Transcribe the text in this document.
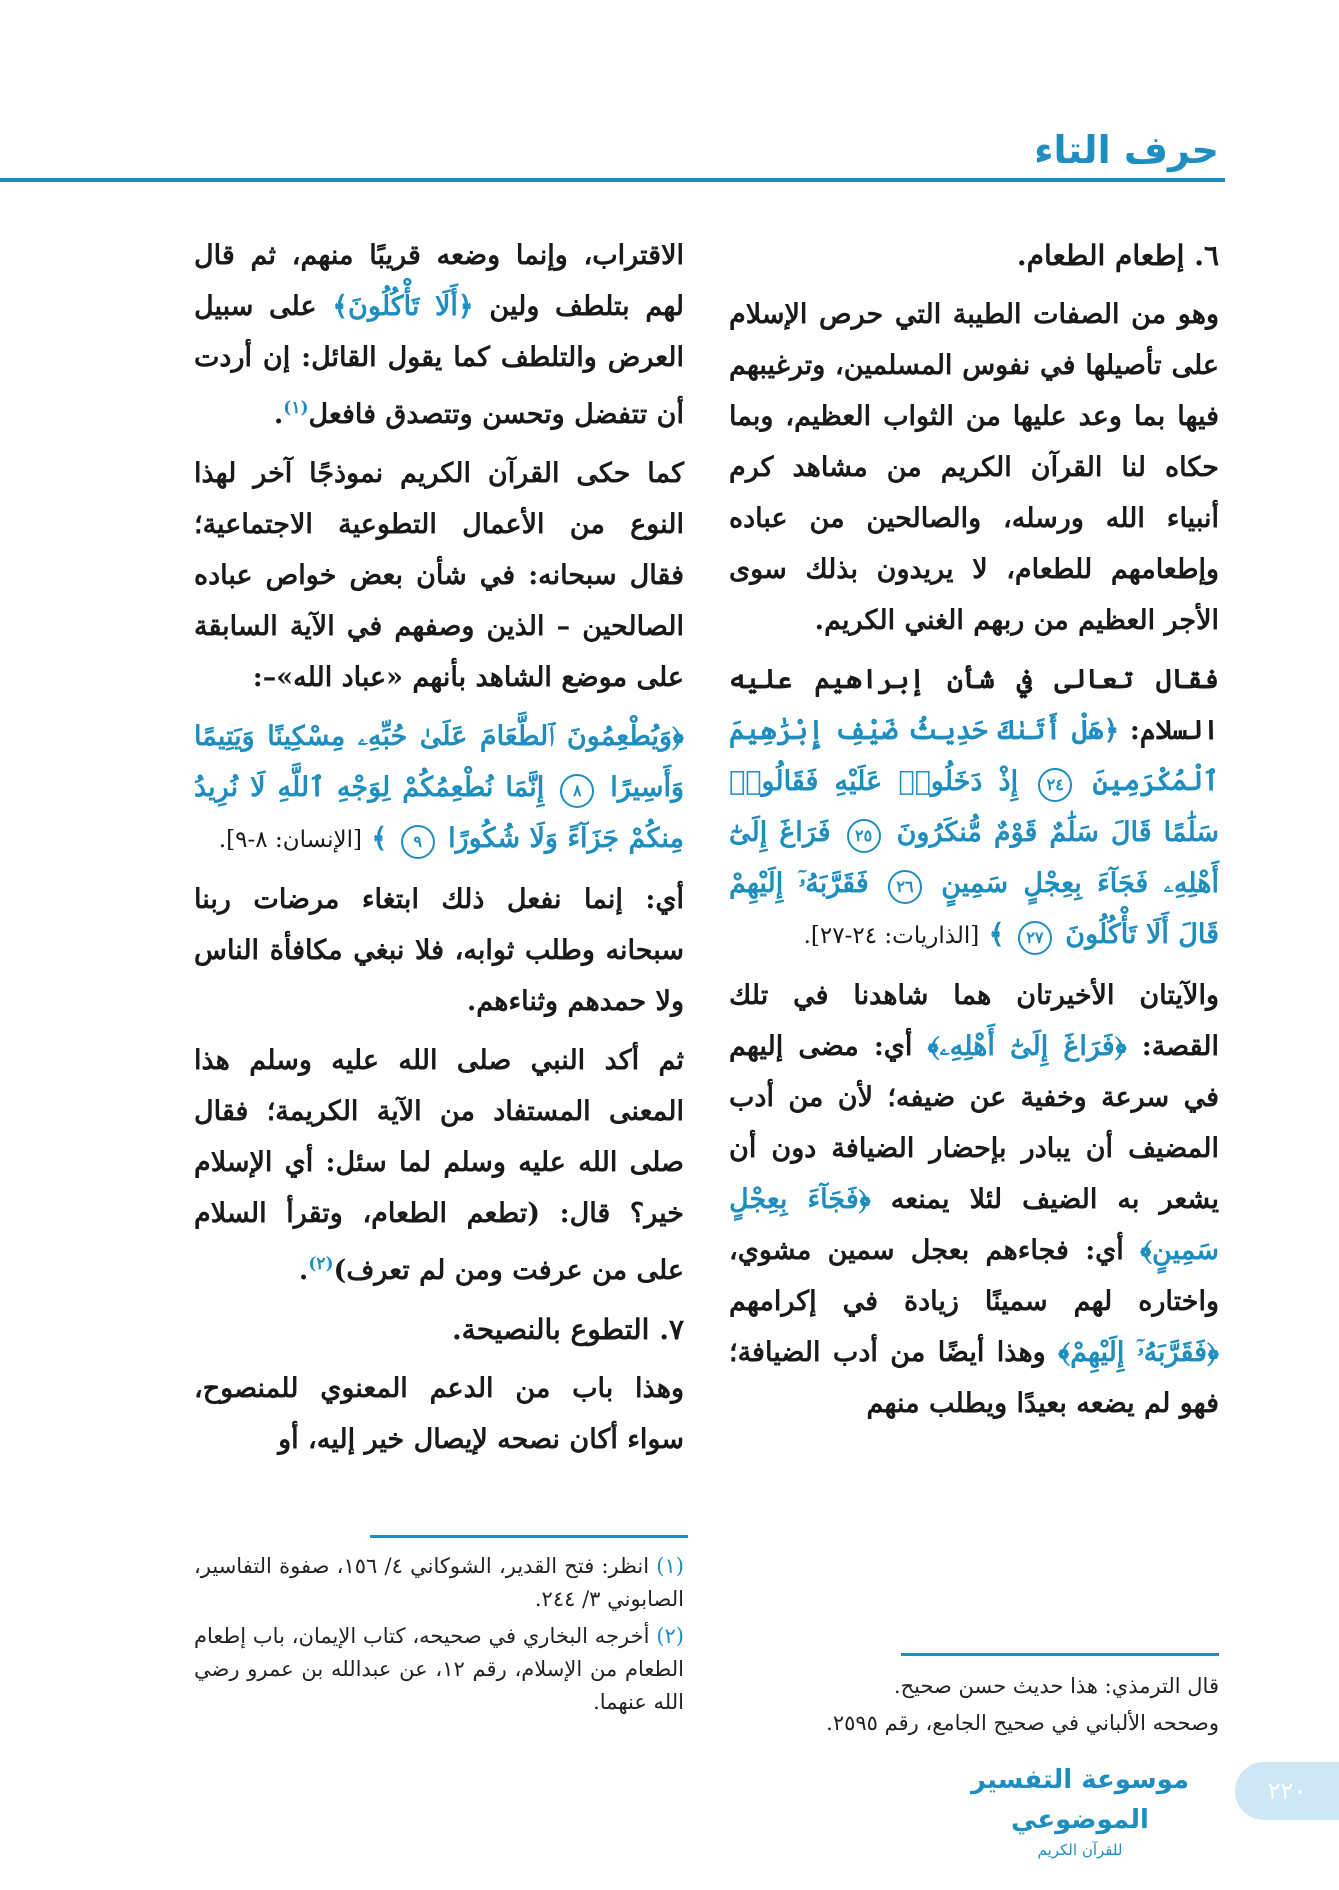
حرف التاء

٦. إطعام الطعام.

وهو من الصفات الطيبة التي حرص الإسلام على تأصيلها في نفوس المسلمين، وترغيبهم فيها بما وعد عليها من الثواب العظيم، وبما حكاه لنا القرآن الكريم من مشاهد كرم أنبياء الله ورسله، والصالحين من عباده وإطعامهم للطعام، لا يريدون بذلك سوى الأجر العظيم من ربهم الغني الكريم.

فقال تعالى في شأن إبراهيم عليه السلام: ﴿هَلْ أَتَىٰكَ حَدِيثُ ضَيْفِ إِبْرَٰهِيمَ ٱلْمُكْرَمِينَ ٢٤ إِذْ دَخَلُوا۟ عَلَيْهِ فَقَالُوا۟ سَلَٰمًا قَالَ سَلَٰمٌ قَوْمٌ مُّنكَرُونَ ٢٥ فَرَاغَ إِلَىٰٓ أَهْلِهِۦ فَجَآءَ بِعِجْلٍ سَمِينٍ ٢٦ فَقَرَّبَهُۥٓ إِلَيْهِمْ قَالَ أَلَا تَأْكُلُونَ ٢٧ ﴾ [الذاريات: ٢٤-٢٧].

والآيتان الأخيرتان هما شاهدنا في تلك القصة: ﴿فَرَاغَ إِلَىٰٓ أَهْلِهِۦ﴾ أي: مضى إليهم في سرعة وخفية عن ضيفه؛ لأن من أدب المضيف أن يبادر بإحضار الضيافة دون أن يشعر به الضيف لئلا يمنعه ﴿فَجَآءَ بِعِجْلٍ سَمِينٍ﴾ أي: فجاءهم بعجل سمين مشوي، واختاره لهم سمينًا زيادة في إكرامهم ﴿فَقَرَّبَهُۥٓ إِلَيْهِمْ﴾ وهذا أيضًا من أدب الضيافة؛ فهو لم يضعه بعيدًا ويطلب منهم

الاقتراب، وإنما وضعه قريبًا منهم، ثم قال لهم بتلطف ولين ﴿أَلَا تَأْكُلُونَ﴾ على سبيل العرض والتلطف كما يقول القائل: إن أردت أن تتفضل وتحسن وتتصدق فافعل$^{(١)}$.

كما حكى القرآن الكريم نموذجًا آخر لهذا النوع من الأعمال التطوعية الاجتماعية؛ فقال سبحانه: في شأن بعض خواص عباده الصالحين – الذين وصفهم في الآية السابقة على موضع الشاهد بأنهم «عباد الله»–:

﴿وَيُطْعِمُونَ ٱلطَّعَامَ عَلَىٰ حُبِّهِۦ مِسْكِينًا وَيَتِيمًا وَأَسِيرًا ٨ إِنَّمَا نُطْعِمُكُمْ لِوَجْهِ ٱللَّهِ لَا نُرِيدُ مِنكُمْ جَزَآءً وَلَا شُكُورًا ٩ ﴾ [الإنسان: ٨-٩].

أي: إنما نفعل ذلك ابتغاء مرضات ربنا سبحانه وطلب ثوابه، فلا نبغي مكافأة الناس ولا حمدهم وثناءهم.

ثم أكد النبي صلى الله عليه وسلم هذا المعنى المستفاد من الآية الكريمة؛ فقال صلى الله عليه وسلم لما سئل: أي الإسلام خير؟ قال: (تطعم الطعام، وتقرأ السلام على من عرفت ومن لم تعرف)$^{(٢)}$.

٧. التطوع بالنصيحة.

وهذا باب من الدعم المعنوي للمنصوح، سواء أكان نصحه لإيصال خير إليه، أو

(١) انظر: فتح القدير، الشوكاني ٤/ ١٥٦، صفوة التفاسير، الصابوني ٣/ ٢٤٤.

(٢) أخرجه البخاري في صحيحه، كتاب الإيمان، باب إطعام الطعام من الإسلام، رقم ١٢، عن عبدالله بن عمرو رضي الله عنهما.

قال الترمذي: هذا حديث حسن صحيح.

وصححه الألباني في صحيح الجامع، رقم ٢٥٩٥.

موسوعة التفسير الموضوعي
للقرآن الكريم
٢٢٠
